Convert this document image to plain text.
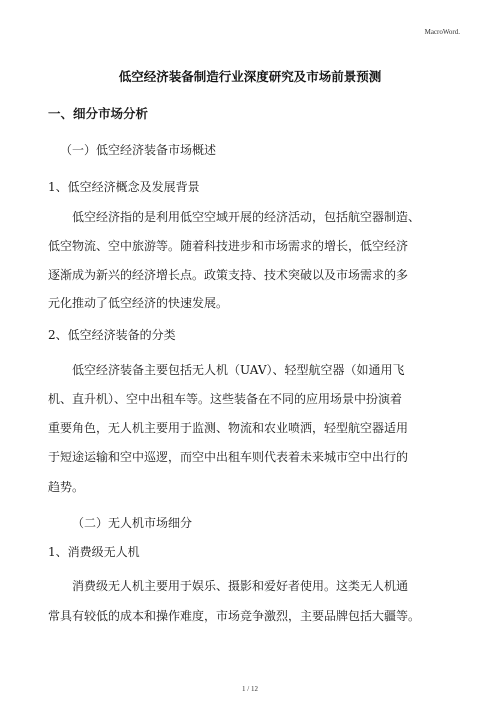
MacroWord.
低空经济装备制造行业深度研究及市场前景预测
一、细分市场分析
（一）低空经济装备市场概述
1、低空经济概念及发展背景
低空经济指的是利用低空空域开展的经济活动，包括航空器制造、
低空物流、空中旅游等。随着科技进步和市场需求的增长，低空经济
逐渐成为新兴的经济增长点。政策支持、技术突破以及市场需求的多
元化推动了低空经济的快速发展。
2、低空经济装备的分类
低空经济装备主要包括无人机（UAV）、轻型航空器（如通用飞
机、直升机）、空中出租车等。这些装备在不同的应用场景中扮演着
重要角色，无人机主要用于监测、物流和农业喷洒，轻型航空器适用
于短途运输和空中巡逻，而空中出租车则代表着未来城市空中出行的
趋势。
（二）无人机市场细分
1、消费级无人机
消费级无人机主要用于娱乐、摄影和爱好者使用。这类无人机通
常具有较低的成本和操作难度，市场竞争激烈，主要品牌包括大疆等。
1 / 12
